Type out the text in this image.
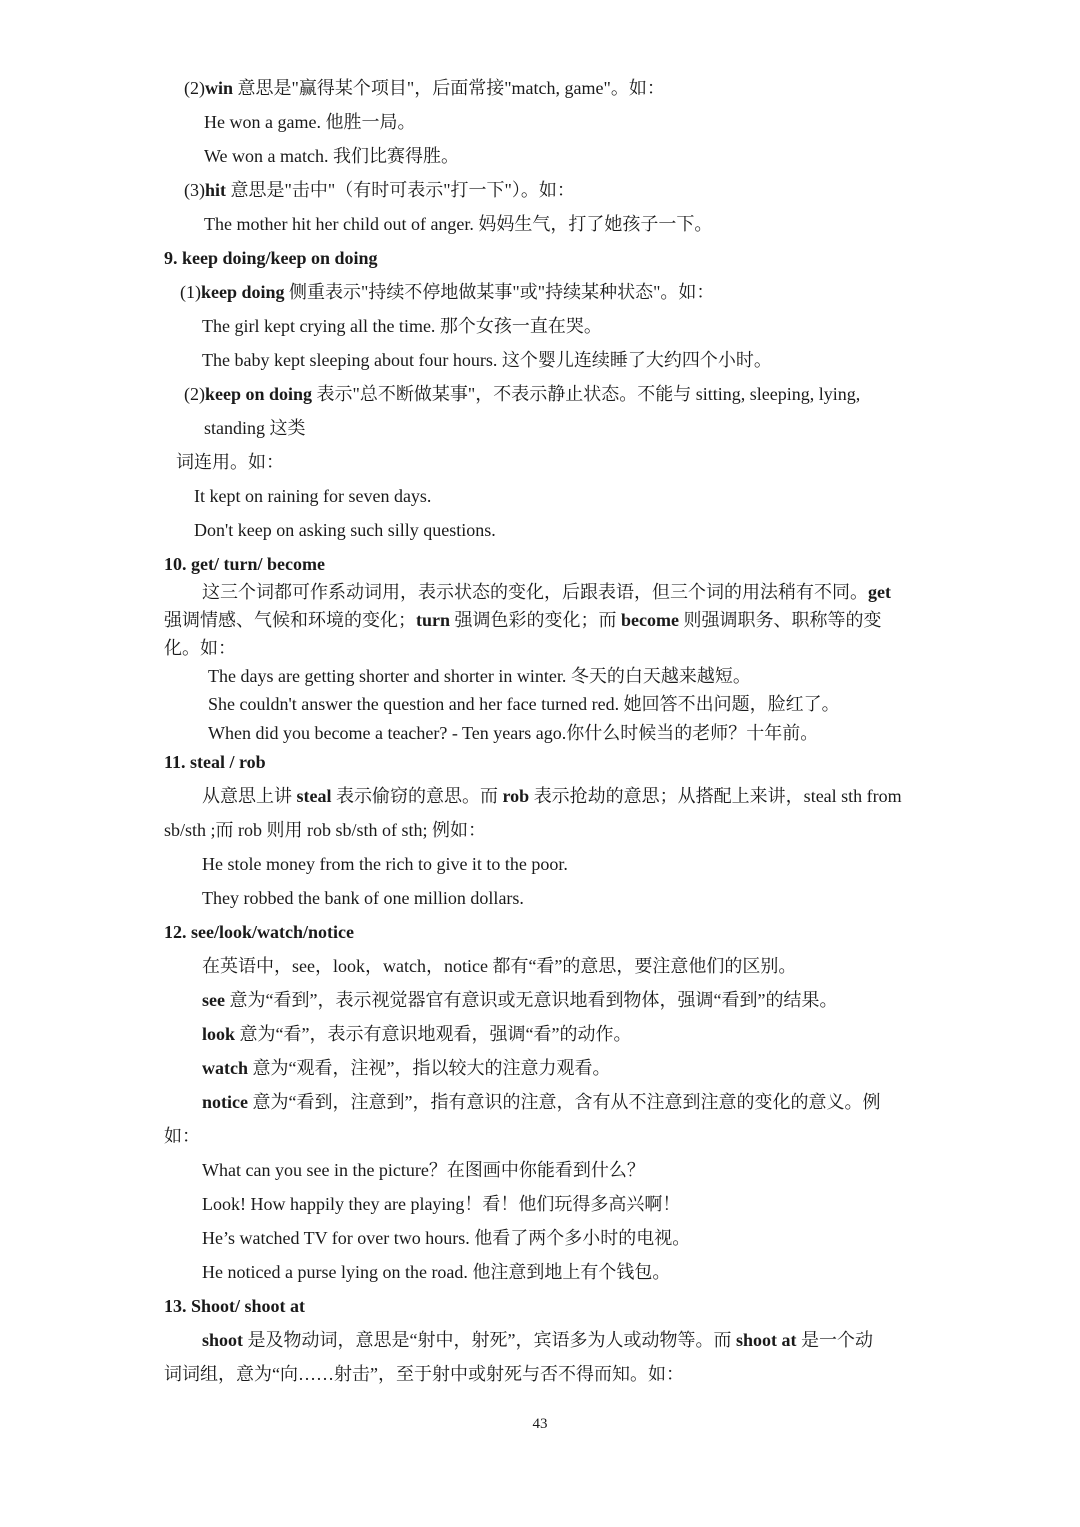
(2)win 意思是"赢得某个项目"，后面常接"match, game"。如：
He won a game. 他胜一局。
We won a match. 我们比赛得胜。
(3)hit 意思是"击中"（有时可表示"打一下"）。如：
The mother hit her child out of anger. 妈妈生气，打了她孩子一下。
9. keep doing/keep on doing
(1)keep doing 侧重表示"持续不停地做某事"或"持续某种状态"。如：
The girl kept crying all the time. 那个女孩一直在哭。
The baby kept sleeping about four hours. 这个婴儿连续睡了大约四个小时。
(2)keep on doing 表示"总不断做某事"，不表示静止状态。不能与 sitting, sleeping, lying,
standing 这类
词连用。如：
It kept on raining for seven days.
Don't keep on asking such silly questions.
10. get/ turn/ become
这三个词都可作系动词用，表示状态的变化，后跟表语，但三个词的用法稍有不同。get
强调情感、气候和环境的变化；turn 强调色彩的变化；而 become 则强调职务、职称等的变
化。如：
The days are getting shorter and shorter in winter. 冬天的白天越来越短。
She couldn't answer the question and her face turned red. 她回答不出问题，脸红了。
When did you become a teacher? - Ten years ago.你什么时候当的老师？十年前。
11. steal / rob
从意思上讲 steal 表示偷窃的意思。而 rob 表示抢劫的意思；从搭配上来讲，steal sth from
sb/sth ;而 rob 则用 rob sb/sth of sth; 例如：
He stole money from the rich to give it to the poor.
They robbed the bank of one million dollars.
12. see/look/watch/notice
在英语中，see，look，watch，notice 都有“看”的意思，要注意他们的区别。
see 意为“看到”，表示视觉器官有意识或无意识地看到物体，强调“看到”的结果。
look 意为“看”，表示有意识地观看，强调“看”的动作。
watch 意为“观看，注视”，指以较大的注意力观看。
notice 意为“看到，注意到”，指有意识的注意，含有从不注意到注意的变化的意义。例
如：
What can you see in the picture？在图画中你能看到什么？
Look! How happily they are playing！看！他们玩得多高兴啊！
He’s watched TV for over two hours. 他看了两个多小时的电视。
He noticed a purse lying on the road. 他注意到地上有个钱包。
13. Shoot/ shoot at
shoot 是及物动词，意思是“射中，射死”，宾语多为人或动物等。而 shoot at 是一个动
词词组，意为“向……射击”，至于射中或射死与否不得而知。如：
43
